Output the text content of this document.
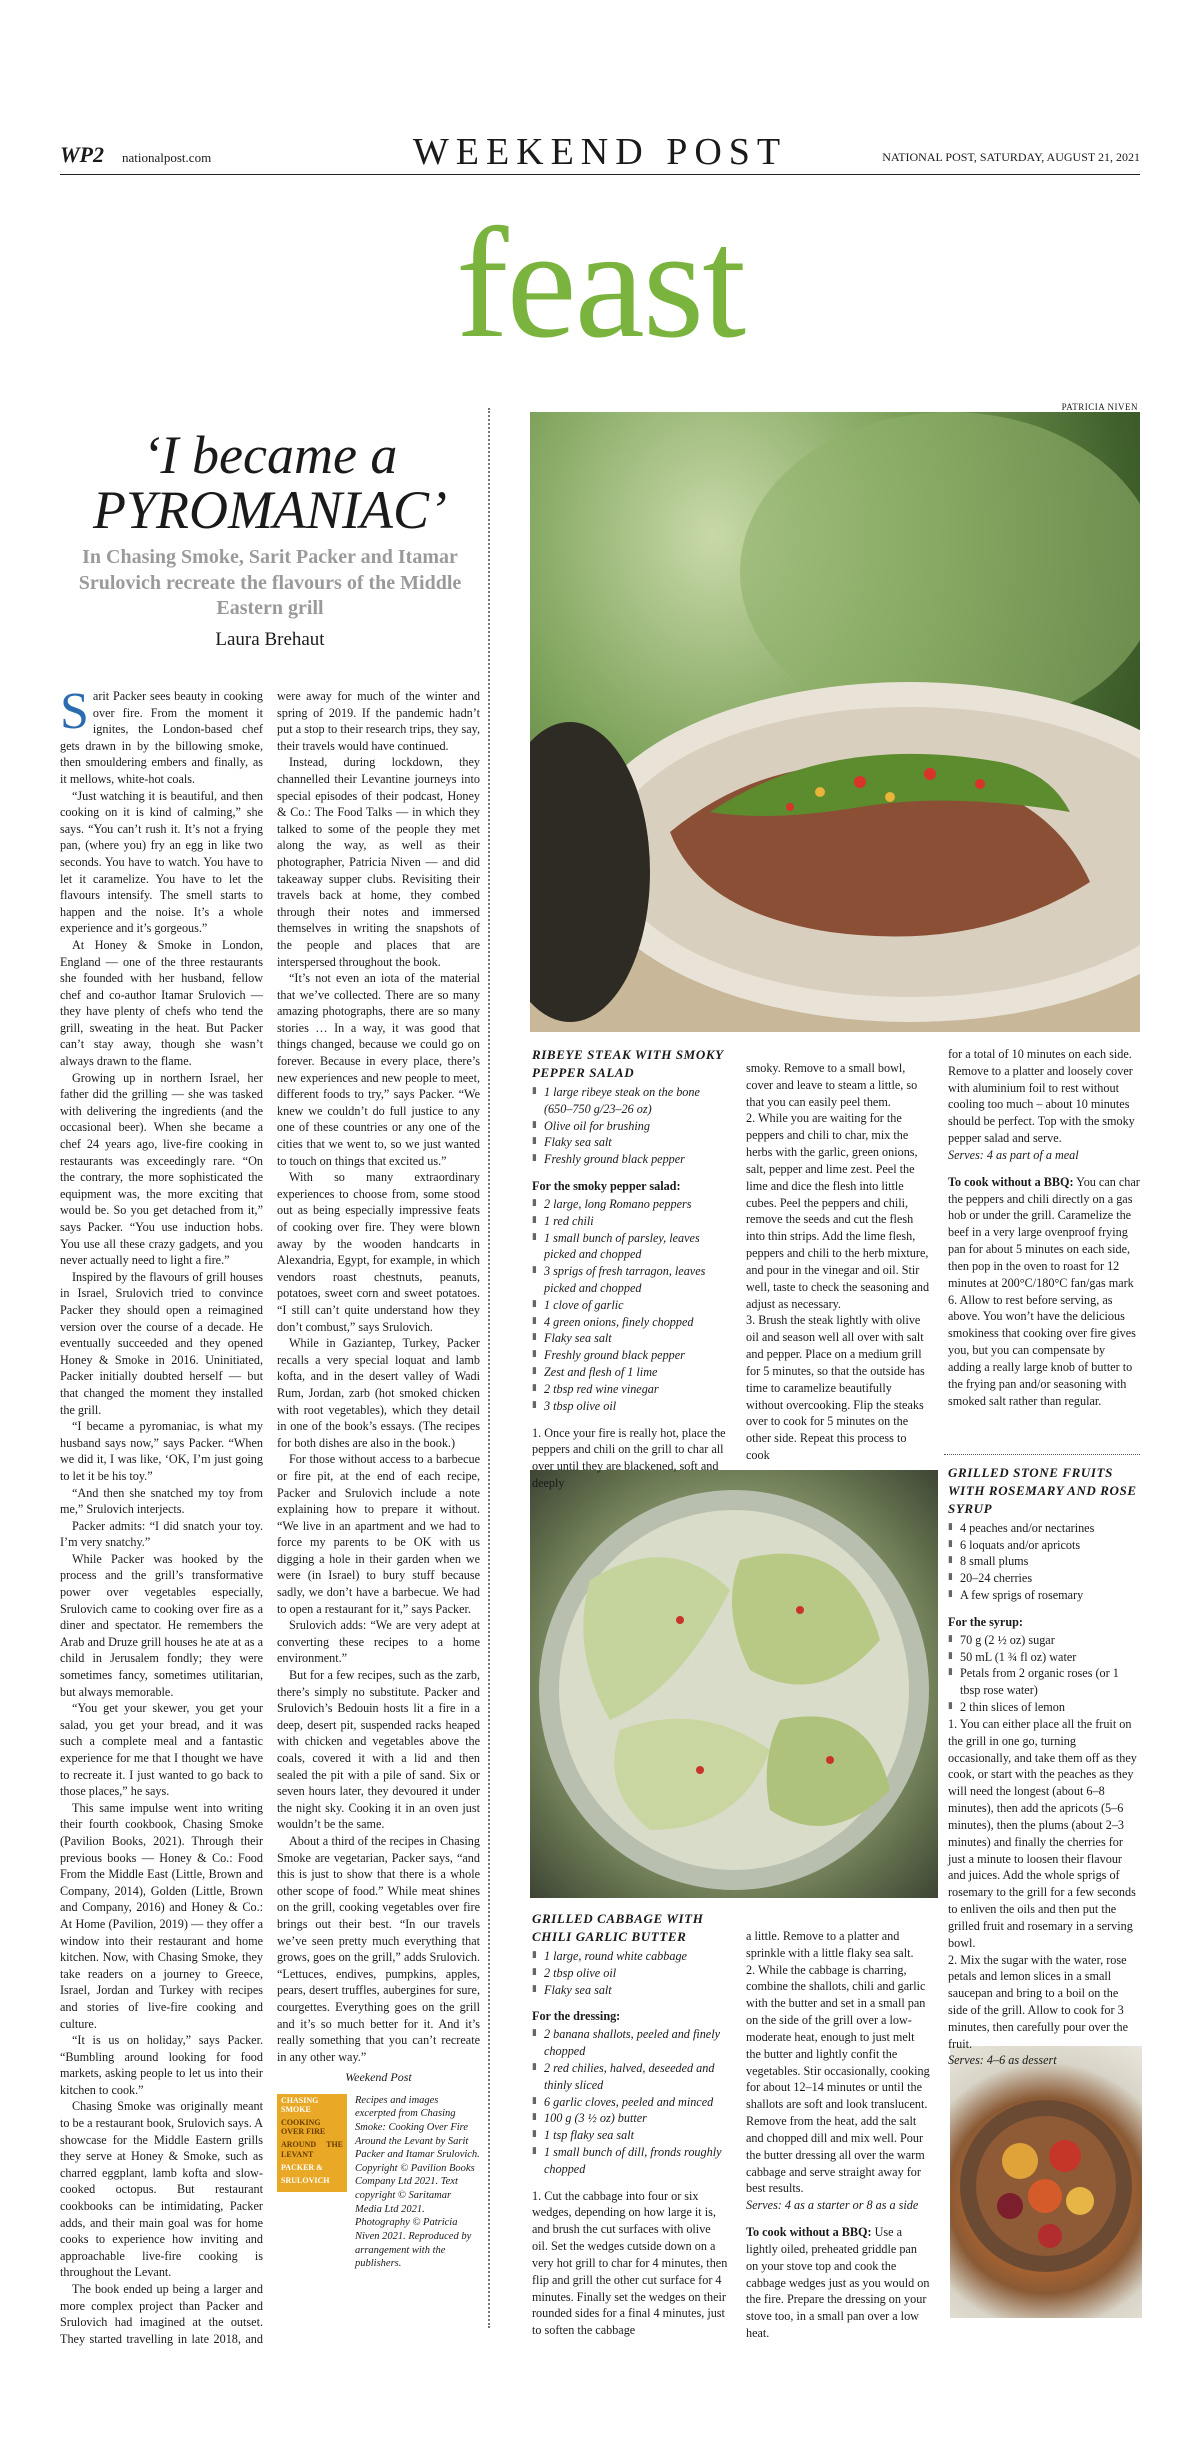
WEEKEND POST
WP2 nationalpost.com	NATIONAL POST, SATURDAY, AUGUST 21, 2021
feast
PATRICIA NIVEN
‘I became a
PYROMANIAC’
In Chasing Smoke, Sarit Packer and Itamar Srulovich recreate the flavours of the Middle Eastern grill
Laura Brehaut

Sarit Packer sees beauty in cooking over fire. From the moment it ignites, the London-based chef gets drawn in by the billowing smoke, then smouldering embers and finally, as it mellows, white-hot coals.

“Just watching it is beautiful, and then cooking on it is kind of calming,” she says. “You can’t rush it. It’s not a frying pan, (where you) fry an egg in like two seconds. You have to watch. You have to let it caramelize. You have to let the flavours intensify. The smell starts to happen and the noise. It’s a whole experience and it’s gorgeous.”

At Honey & Smoke in London, England — one of the three restaurants she founded with her husband, fellow chef and co-author Itamar Srulovich — they have plenty of chefs who tend the grill, sweating in the heat. But Packer can’t stay away, though she wasn’t always drawn to the flame.

Growing up in northern Israel, her father did the grilling — she was tasked with delivering the ingredients (and the occasional beer). When she became a chef 24 years ago, live-fire cooking in restaurants was exceedingly rare. “On the contrary, the more sophisticated the equipment was, the more exciting that would be. So you get detached from it,” says Packer. “You use induction hobs. You use all these crazy gadgets, and you never actually need to light a fire.”

Inspired by the flavours of grill houses in Israel, Srulovich tried to convince Packer they should open a reimagined version over the course of a decade. He eventually succeeded and they opened Honey & Smoke in 2016. Uninitiated, Packer initially doubted herself — but that changed the moment they installed the grill.

“I became a pyromaniac, is what my husband says now,” says Packer. “When we did it, I was like, ‘OK, I’m just going to let it be his toy.”

“And then she snatched my toy from me,” Srulovich interjects.

Packer admits: “I did snatch your toy. I’m very snatchy.”

While Packer was hooked by the process and the grill’s transformative power over vegetables especially, Srulovich came to cooking over fire as a diner and spectator. He remembers the Arab and Druze grill houses he ate at as a child in Jerusalem fondly; they were sometimes fancy, sometimes utilitarian, but always memorable.

“You get your skewer, you get your salad, you get your bread, and it was such a complete meal and a fantastic experience for me that I thought we have to recreate it. I just wanted to go back to those places,” he says.

This same impulse went into writing their fourth cookbook, Chasing Smoke (Pavilion Books, 2021). Through their previous books — Honey & Co.: Food From the Middle East (Little, Brown and Company, 2014), Golden (Little, Brown and Company, 2016) and Honey & Co.: At Home (Pavilion, 2019) — they offer a window into their restaurant and home kitchen. Now, with Chasing Smoke, they take readers on a journey to Greece, Israel, Jordan and Turkey with recipes and stories of live-fire cooking and culture.

“It is us on holiday,” says Packer. “Bumbling around looking for food markets, asking people to let us into their kitchen to cook.”

Chasing Smoke was originally meant to be a restaurant book, Srulovich says. A showcase for the Middle Eastern grills they serve at Honey & Smoke, such as charred eggplant, lamb kofta and slow-cooked octopus. But restaurant cookbooks can be intimidating, Packer adds, and their main goal was for home cooks to experience how inviting and approachable live-fire cooking is throughout the Levant.

The book ended up being a larger and more complex project than Packer and Srulovich had imagined at the outset. They started travelling in late 2018, and were away for much of the winter and spring of 2019. If the pandemic hadn’t put a stop to their research trips, they say, their travels would have continued.

Instead, during lockdown, they channelled their Levantine journeys into special episodes of their podcast, Honey & Co.: The Food Talks — in which they talked to some of the people they met along the way, as well as their photographer, Patricia Niven — and did takeaway supper clubs. Revisiting their travels back at home, they combed through their notes and immersed themselves in writing the snapshots of the people and places that are interspersed throughout the book.

“It’s not even an iota of the material that we’ve collected. There are so many amazing photographs, there are so many stories … In a way, it was good that things changed, because we could go on forever. Because in every place, there’s new experiences and new people to meet, different foods to try,” says Packer. “We knew we couldn’t do full justice to any one of these countries or any one of the cities that we went to, so we just wanted to touch on things that excited us.”

With so many extraordinary experiences to choose from, some stood out as being especially impressive feats of cooking over fire. They were blown away by the wooden handcarts in Alexandria, Egypt, for example, in which vendors roast chestnuts, peanuts, potatoes, sweet corn and sweet potatoes. “I still can’t quite understand how they don’t combust,” says Srulovich.

While in Gaziantep, Turkey, Packer recalls a very special loquat and lamb kofta, and in the desert valley of Wadi Rum, Jordan, zarb (hot smoked chicken with root vegetables), which they detail in one of the book’s essays. (The recipes for both dishes are also in the book.)

For those without access to a barbecue or fire pit, at the end of each recipe, Packer and Srulovich include a note explaining how to prepare it without. “We live in an apartment and we had to force my parents to be OK with us digging a hole in their garden when we were (in Israel) to bury stuff because sadly, we don’t have a barbecue. We had to open a restaurant for it,” says Packer.

Srulovich adds: “We are very adept at converting these recipes to a home environment.”

But for a few recipes, such as the zarb, there’s simply no substitute. Packer and Srulovich’s Bedouin hosts lit a fire in a deep, desert pit, suspended racks heaped with chicken and vegetables above the coals, covered it with a lid and then sealed the pit with a pile of sand. Six or seven hours later, they devoured it under the night sky. Cooking it in an oven just wouldn’t be the same.

About a third of the recipes in Chasing Smoke are vegetarian, Packer says, “and this is just to show that there is a whole other scope of food.” While meat shines on the grill, cooking vegetables over fire brings out their best. “In our travels we’ve seen pretty much everything that grows, goes on the grill,” adds Srulovich. “Lettuces, endives, pumpkins, apples, pears, desert truffles, aubergines for sure, courgettes. Everything goes on the grill and it’s so much better for it. And it’s really something that you can’t recreate in any other way.”

Weekend Post
CHASING SMOKE
COOKING OVER FIRE
AROUND THE LEVANT
PACKER &
SRULOVICH
Recipes and images excerpted from Chasing Smoke: Cooking Over Fire Around the Levant by Sarit Packer and Itamar Srulovich. Copyright © Pavilion Books Company Ltd 2021. Text copyright © Saritamar Media Ltd 2021. Photography © Patricia Niven 2021. Reproduced by arrangement with the publishers.
RIBEYE STEAK WITH SMOKY PEPPER SALAD
▮ 1 large ribeye steak on the bone (650–750 g/23–26 oz)
▮ Olive oil for brushing
▮ Flaky sea salt
▮ Freshly ground black pepper
For the smoky pepper salad:
▮ 2 large, long Romano peppers
▮ 1 red chili
▮ 1 small bunch of parsley, leaves picked and chopped
▮ 3 sprigs of fresh tarragon, leaves picked and chopped
▮ 1 clove of garlic
▮ 4 green onions, finely chopped
▮ Flaky sea salt
▮ Freshly ground black pepper
▮ Zest and flesh of 1 lime
▮ 2 tbsp red wine vinegar
▮ 3 tbsp olive oil

1. Once your fire is really hot, place the peppers and chili on the grill to char all over until they are blackened, soft and deeply

smoky. Remove to a small bowl, cover and leave to steam a little, so that you can easily peel them.

2. While you are waiting for the peppers and chili to char, mix the herbs with the garlic, green onions, salt, pepper and lime zest. Peel the lime and dice the flesh into little cubes. Peel the peppers and chili, remove the seeds and cut the flesh into thin strips. Add the lime flesh, peppers and chili to the herb mixture, and pour in the vinegar and oil. Stir well, taste to check the seasoning and adjust as necessary.

3. Brush the steak lightly with olive oil and season well all over with salt and pepper. Place on a medium grill for 5 minutes, so that the outside has time to caramelize beautifully without overcooking. Flip the steaks over to cook for 5 minutes on the other side. Repeat this process to cook

for a total of 10 minutes on each side. Remove to a platter and loosely cover with aluminium foil to rest without cooling too much – about 10 minutes should be perfect. Top with the smoky pepper salad and serve.

Serves: 4 as part of a meal

To cook without a BBQ: You can char the peppers and chili directly on a gas hob or under the grill. Caramelize the beef in a very large ovenproof frying pan for about 5 minutes on each side, then pop in the oven to roast for 12 minutes at 200°C/180°C fan/gas mark 6. Allow to rest before serving, as above. You won’t have the delicious smokiness that cooking over fire gives you, but you can compensate by adding a really large knob of butter to the frying pan and/or seasoning with smoked salt rather than regular.

GRILLED STONE FRUITS WITH ROSEMARY AND ROSE SYRUP
▮ 4 peaches and/or nectarines
▮ 6 loquats and/or apricots
▮ 8 small plums
▮ 20–24 cherries
▮ A few sprigs of rosemary
For the syrup:
▮ 70 g (2 ½ oz) sugar
▮ 50 mL (1 ¾ fl oz) water
▮ Petals from 2 organic roses (or 1 tbsp rose water)
▮ 2 thin slices of lemon

1. You can either place all the fruit on the grill in one go, turning occasionally, and take them off as they cook, or start with the peaches as they will need the longest (about 6–8 minutes), then add the apricots (5–6 minutes), then the plums (about 2–3 minutes) and finally the cherries for just a minute to loosen their flavour and juices. Add the whole sprigs of rosemary to the grill for a few seconds to enliven the oils and then put the grilled fruit and rosemary in a serving bowl.

2. Mix the sugar with the water, rose petals and lemon slices in a small saucepan and bring to a boil on the side of the grill. Allow to cook for 3 minutes, then carefully pour over the fruit.

Serves: 4–6 as dessert

GRILLED CABBAGE WITH CHILI GARLIC BUTTER
▮ 1 large, round white cabbage
▮ 2 tbsp olive oil
▮ Flaky sea salt
For the dressing:
▮ 2 banana shallots, peeled and finely chopped
▮ 2 red chilies, halved, deseeded and thinly sliced
▮ 6 garlic cloves, peeled and minced
▮ 100 g (3 ½ oz) butter
▮ 1 tsp flaky sea salt
▮ 1 small bunch of dill, fronds roughly chopped

1. Cut the cabbage into four or six wedges, depending on how large it is, and brush the cut surfaces with olive oil. Set the wedges cutside down on a very hot grill to char for 4 minutes, then flip and grill the other cut surface for 4 minutes. Finally set the wedges on their rounded sides for a final 4 minutes, just to soften the cabbage

a little. Remove to a platter and sprinkle with a little flaky sea salt.

2. While the cabbage is charring, combine the shallots, chili and garlic with the butter and set in a small pan on the side of the grill over a low- moderate heat, enough to just melt the butter and lightly confit the vegetables. Stir occasionally, cooking for about 12–14 minutes or until the shallots are soft and look translucent. Remove from the heat, add the salt and chopped dill and mix well. Pour the butter dressing all over the warm cabbage and serve straight away for best results.

Serves: 4 as a starter or 8 as a side

To cook without a BBQ: Use a lightly oiled, preheated griddle pan on your stove top and cook the cabbage wedges just as you would on the fire. Prepare the dressing on your stove too, in a small pan over a low heat.
